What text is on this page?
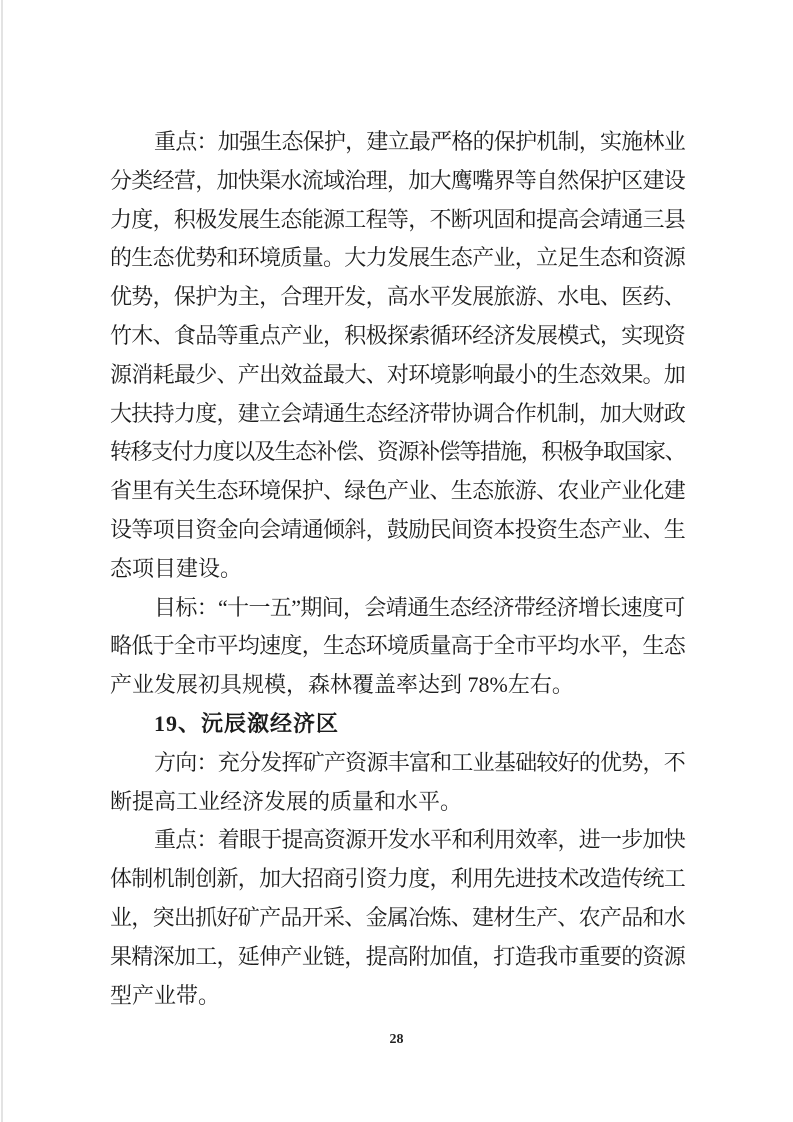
重点：加强生态保护，建立最严格的保护机制，实施林业
分类经营，加快渠水流域治理，加大鹰嘴界等自然保护区建设
力度，积极发展生态能源工程等，不断巩固和提高会靖通三县
的生态优势和环境质量。大力发展生态产业，立足生态和资源
优势，保护为主，合理开发，高水平发展旅游、水电、医药、
竹木、食品等重点产业，积极探索循环经济发展模式，实现资
源消耗最少、产出效益最大、对环境影响最小的生态效果。加
大扶持力度，建立会靖通生态经济带协调合作机制，加大财政
转移支付力度以及生态补偿、资源补偿等措施，积极争取国家、
省里有关生态环境保护、绿色产业、生态旅游、农业产业化建
设等项目资金向会靖通倾斜，鼓励民间资本投资生态产业、生
态项目建设。
目标：“十一五”期间，会靖通生态经济带经济增长速度可
略低于全市平均速度，生态环境质量高于全市平均水平，生态
产业发展初具规模，森林覆盖率达到 78%左右。
19、沅辰溆经济区
方向：充分发挥矿产资源丰富和工业基础较好的优势，不
断提高工业经济发展的质量和水平。
重点：着眼于提高资源开发水平和利用效率，进一步加快
体制机制创新，加大招商引资力度，利用先进技术改造传统工
业，突出抓好矿产品开采、金属冶炼、建材生产、农产品和水
果精深加工，延伸产业链，提高附加值，打造我市重要的资源
型产业带。
28
